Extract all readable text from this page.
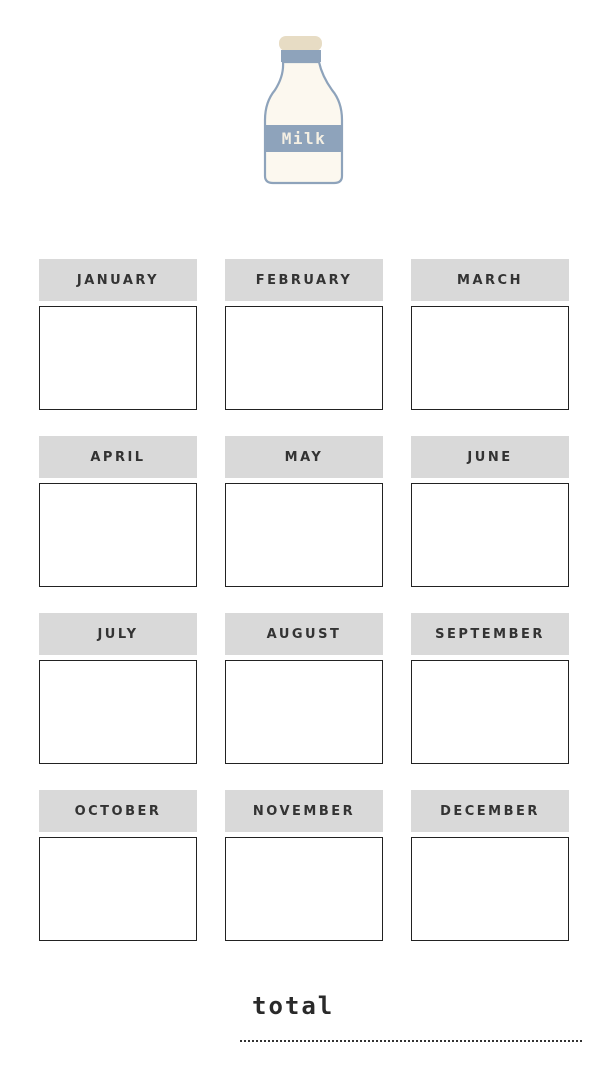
Milk
JANUARY	FEBRUARY	MARCH
APRIL	MAY	JUNE
JULY	AUGUST	SEPTEMBER
OCTOBER	NOVEMBER	DECEMBER
total
